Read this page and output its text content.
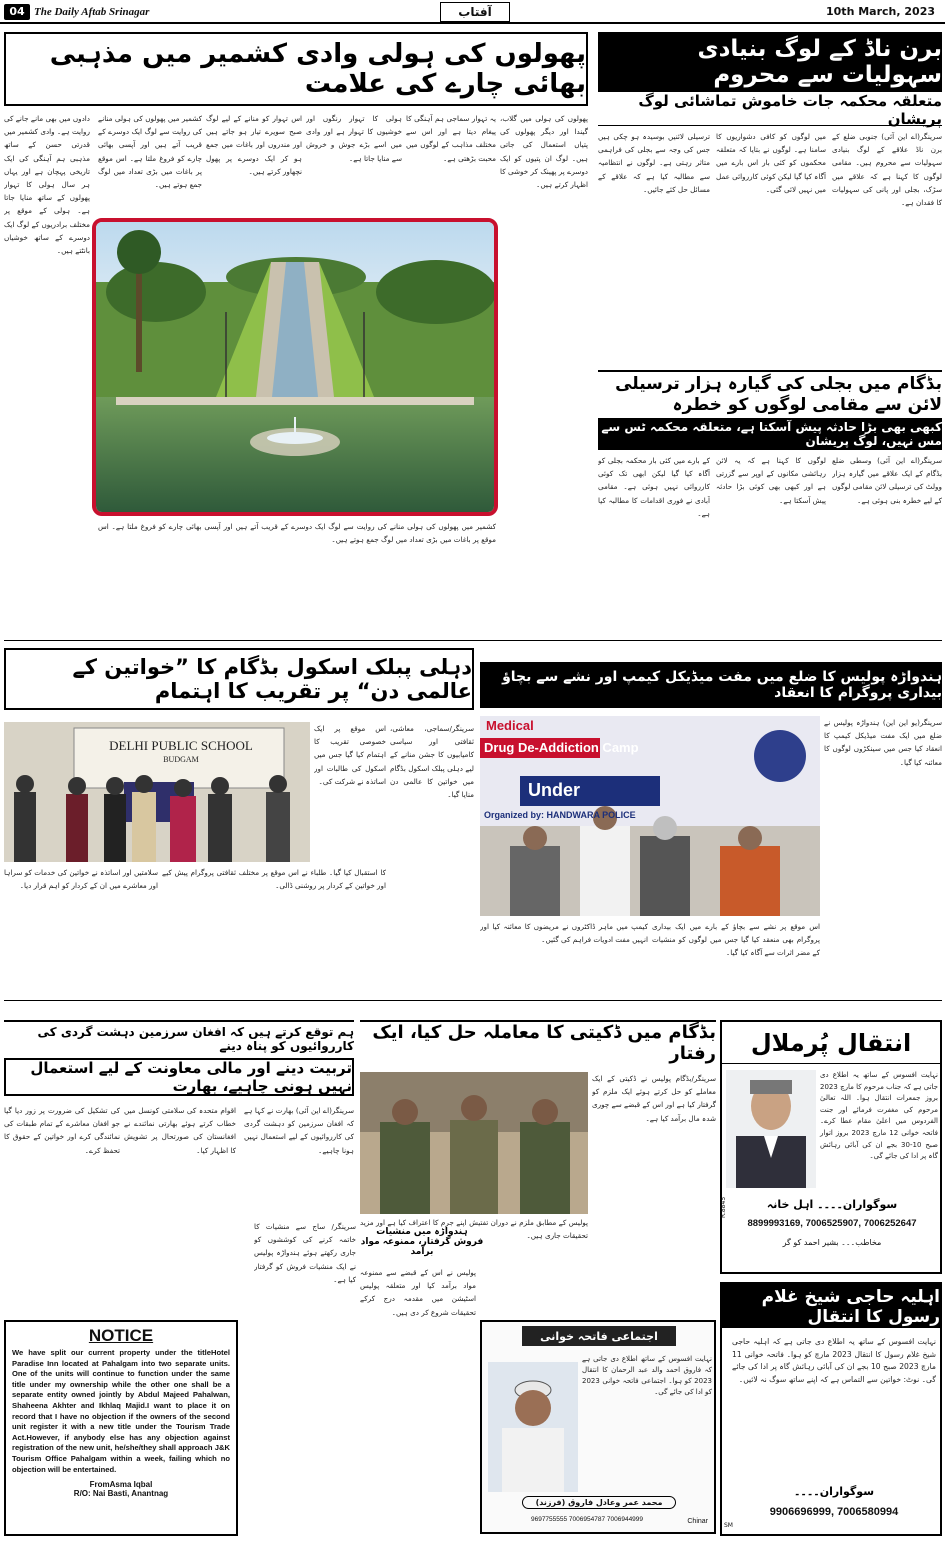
04 The Daily Aftab Srinagar	آفتاب	10th March, 2023
پھولوں کی ہولی وادی کشمیر میں مذہبی بھائی چارے کی علامت
دادوں میں بھی مانے جانے کی روایت ہے۔ وادی کشمیر میں قدرتی حسن کے ساتھ مذہبی ہم آہنگی کی ایک تاریخی پہچان ہے اور یہاں ہر سال ہولی کا تہوار پھولوں کے ساتھ منایا جاتا ہے۔ ہولی کے موقع پر مختلف برادریوں کے لوگ ایک دوسرے کے ساتھ خوشیاں بانٹتے ہیں۔
کشمیر میں پھولوں کی ہولی منانے کی روایت سے لوگ ایک دوسرے کے قریب آتے ہیں اور آپسی بھائی چارے کو فروغ ملتا ہے۔ اس موقع پر باغات میں بڑی تعداد میں لوگ جمع ہوتے ہیں۔
اس تہوار کو منانے کے لیے لوگ صبح سویرے تیار ہو جاتے ہیں اور مندروں اور باغات میں جمع ہو کر ایک دوسرے پر پھول نچھاور کرتے ہیں۔
ہولی کا تہوار رنگوں اور خوشیوں کا تہوار ہے اور وادی میں اسے بڑے جوش و خروش سے منایا جاتا ہے۔
یہ تہوار سماجی ہم آہنگی کا پیغام دیتا ہے اور اس سے مختلف مذاہب کے لوگوں میں محبت بڑھتی ہے۔
پھولوں کی ہولی میں گلاب، گیندا اور دیگر پھولوں کی پتیاں استعمال کی جاتی ہیں۔ لوگ ان پتیوں کو ایک دوسرے پر پھینک کر خوشی کا اظہار کرتے ہیں۔
کشمیر میں پھولوں کی ہولی منانے کی روایت سے لوگ ایک دوسرے کے قریب آتے ہیں اور آپسی بھائی چارے کو فروغ ملتا ہے۔ اس موقع پر باغات میں بڑی تعداد میں لوگ جمع ہوتے ہیں۔
برن ناڈ کے لوگ بنیادی سہولیات سے محروم
متعلقہ محکمہ جات خاموش تماشائی لوگ پریشان
سرینگر(اے این آئی) جنوبی ضلع کے برن ناڈ علاقے کے لوگ بنیادی سہولیات سے محروم ہیں۔ مقامی لوگوں کا کہنا ہے کہ علاقے میں سڑک، بجلی اور پانی کی سہولیات کا فقدان ہے۔
میں لوگوں کو کافی دشواریوں کا سامنا ہے۔ لوگوں نے بتایا کہ متعلقہ محکموں کو کئی بار اس بارے میں آگاہ کیا گیا لیکن کوئی کارروائی عمل میں نہیں لائی گئی۔
ترسیلی لائنیں بوسیدہ ہو چکی ہیں جس کی وجہ سے بجلی کی فراہمی متاثر رہتی ہے۔ لوگوں نے انتظامیہ سے مطالبہ کیا ہے کہ علاقے کے مسائل حل کئے جائیں۔
بڈگام میں بجلی کی گیارہ ہزار ترسیلی لائن سے مقامی لوگوں کو خطرہ
کبھی بھی بڑا حادثہ پیش آسکتا ہے، متعلقہ محکمہ ٹس سے مس نہیں، لوگ پریشان
سرینگر(اے این آئی) وسطی ضلع بڈگام کے ایک علاقے میں گیارہ ہزار وولٹ کی ترسیلی لائن مقامی لوگوں کے لیے خطرہ بنی ہوئی ہے۔
لوگوں کا کہنا ہے کہ یہ لائن رہائشی مکانوں کے اوپر سے گزرتی ہے اور کبھی بھی کوئی بڑا حادثہ پیش آسکتا ہے۔
کے بارے میں کئی بار محکمہ بجلی کو آگاہ کیا گیا لیکن ابھی تک کوئی کارروائی نہیں ہوئی ہے۔ مقامی آبادی نے فوری اقدامات کا مطالبہ کیا ہے۔
دہلی پبلک اسکول بڈگام کا ”خواتین کے عالمی دن“ پر تقریب کا اہتمام
DELHI PUBLIC SCHOOL
BUDGAM
سرینگر/سماجی، معاشی، ثقافتی اور سیاسی کامیابیوں کا جشن منانے کے لیے دہلی پبلک اسکول بڈگام میں خواتین کا عالمی دن منایا گیا۔
اس موقع پر ایک خصوصی تقریب کا اہتمام کیا گیا جس میں اسکول کی طالبات اور اساتذہ نے شرکت کی۔
کا استقبال کیا گیا۔ طلباء نے اس موقع پر مختلف ثقافتی پروگرام پیش کیے اور خواتین کے کردار پر روشنی ڈالی۔
سلامتیں اور اساتذہ نے خواتین کی خدمات کو سراہا اور معاشرے میں ان کے کردار کو اہم قرار دیا۔
ہندواڑہ پولیس کا ضلع میں مفت میڈیکل کیمپ اور نشے سے بچاؤ بیداری پروگرام کا انعقاد
Medical
Drug De-Addiction Camp
Under
Organized by: HANDWARA POLICE
سرینگر(یو این این) ہندواڑہ پولیس نے ضلع میں ایک مفت میڈیکل کیمپ کا انعقاد کیا جس میں سینکڑوں لوگوں کا معائنہ کیا گیا۔
اس موقع پر نشے سے بچاؤ کے بارے میں ایک بیداری پروگرام بھی منعقد کیا گیا جس میں لوگوں کو منشیات کے مضر اثرات سے آگاہ کیا گیا۔
کیمپ میں ماہر ڈاکٹروں نے مریضوں کا معائنہ کیا اور انہیں مفت ادویات فراہم کی گئیں۔
ہم توقع کرتے ہیں کہ افغان سرزمین دہشت گردی کی کارروائیوں کو پناہ دینے
تربیت دینے اور مالی معاونت کے لیے استعمال نہیں ہونی چاہیے، بھارت
سرینگر(اے این آئی) بھارت نے کہا ہے کہ افغان سرزمین کو دہشت گردی کی کارروائیوں کے لیے استعمال نہیں ہونا چاہیے۔
اقوام متحدہ کی سلامتی کونسل میں خطاب کرتے ہوئے بھارتی نمائندے نے افغانستان کی صورتحال پر تشویش کا اظہار کیا۔
کی تشکیل کی ضرورت پر زور دیا گیا جو افغان معاشرے کے تمام طبقات کی نمائندگی کرے اور خواتین کے حقوق کا تحفظ کرے۔
NOTICE
We have split our current property under the titleHotel Paradise Inn located at Pahalgam into two separate units. One of the units will continue to function under the same title under my ownership while the other one shall be a separate entity owned jointly by Abdul Majeed Pahalwan, Shaheena Akhter and Ikhlaq Majid.I want to place it on record that I have no objection if the owners of the second unit register it with a new title under the Tourism Trade Act.However, if anybody else has any objection against registration of the new unit, he/she/they shall approach J&K Tourism Office Pahalgam within a week, failing which no objection will be entertained.
FromAsma Iqbal
R/O: Nai Basti, Anantnag
بڈگام میں ڈکیتی کا معاملہ حل کیا، ایک رفتار
سرینگر/بڈگام پولیس نے ڈکیتی کے ایک معاملے کو حل کرتے ہوئے ایک ملزم کو گرفتار کیا ہے اور اس کے قبضے سے چوری شدہ مال برآمد کیا ہے۔
پولیس کے مطابق ملزم نے دوران تفتیش اپنے جرم کا اعتراف کیا ہے اور مزید تحقیقات جاری ہیں۔
سرینگر/ ساج سے منشیات کا خاتمہ کرنے کی کوششوں کو جاری رکھتے ہوئے ہندواڑہ پولیس نے ایک منشیات فروش کو گرفتار کیا ہے۔
ہندواڑہ میں منشیات فروش گرفتار، ممنوعہ مواد برآمد
پولیس نے اس کے قبضے سے ممنوعہ مواد برآمد کیا اور متعلقہ پولیس اسٹیشن میں مقدمہ درج کرکے تحقیقات شروع کر دی ہیں۔
اجتماعی فاتحہ خوانی
نہایت افسوس کے ساتھ اطلاع دی جاتی ہے کہ فاروق احمد والد عبد الرحمان کا انتقال 2023 کو ہوا۔ اجتماعی فاتحہ خوانی 2023 کو ادا کی جائے گی۔
محمد عمر وعادل فاروق (فرزند)
9697755555 7006954787 7006944999	Chinar
انتقال پُرملال
نہایت افسوس کے ساتھ یہ اطلاع دی جاتی ہے کہ جناب مرحوم کا مارچ 2023 بروز جمعرات انتقال ہوا۔ اللہ تعالیٰ مرحوم کی مغفرت فرمائے اور جنت الفردوس میں اعلیٰ مقام عطا کرے۔ فاتحہ خوانی 12 مارچ 2023 بروز اتوار صبح 10-30 بجے ان کی آبائی رہائش گاہ پر ادا کی جائے گی۔
سوگواران۔۔۔۔ اہل خانہ
8899993169, 7006525907, 7006252647
مخاطب۔۔۔ بشیر احمد کو گر
R.8845
اہلیہ حاجی شیخ غلام رسول کا انتقال
نہایت افسوس کے ساتھ یہ اطلاع دی جاتی ہے کہ اہلیہ حاجی شیخ غلام رسول کا انتقال 2023 مارچ کو ہوا۔ فاتحہ خوانی 11 مارچ 2023 صبح 10 بجے ان کی آبائی رہائش گاہ پر ادا کی جائے گی۔ نوٹ: خواتین سے التماس ہے کہ اپنے ساتھ سوگ نہ لائیں۔
سوگواران۔۔۔۔
9906696999, 7006580994
SM
